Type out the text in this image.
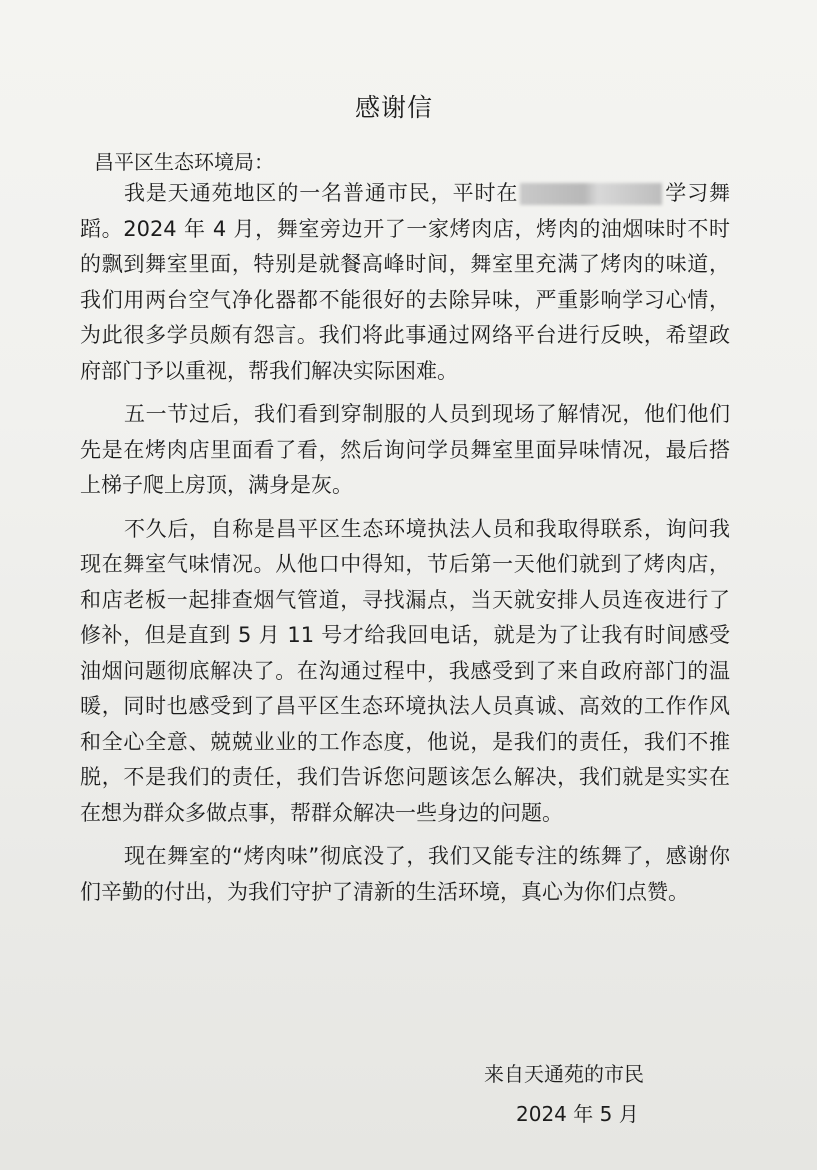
感谢信
昌平区生态环境局：

我是天通苑地区的一名普通市民，平时在	学习舞蹈。2024 年 4 月，舞室旁边开了一家烤肉店，烤肉的油烟味时不时的飘到舞室里面，特别是就餐高峰时间，舞室里充满了烤肉的味道，我们用两台空气净化器都不能很好的去除异味，严重影响学习心情，为此很多学员颇有怨言。我们将此事通过网络平台进行反映，希望政府部门予以重视，帮我们解决实际困难。

五一节过后，我们看到穿制服的人员到现场了解情况，他们他们先是在烤肉店里面看了看，然后询问学员舞室里面异味情况，最后搭上梯子爬上房顶，满身是灰。

不久后，自称是昌平区生态环境执法人员和我取得联系，询问我现在舞室气味情况。从他口中得知，节后第一天他们就到了烤肉店，和店老板一起排查烟气管道，寻找漏点，当天就安排人员连夜进行了修补，但是直到 5 月 11 号才给我回电话，就是为了让我有时间感受油烟问题彻底解决了。在沟通过程中，我感受到了来自政府部门的温暖，同时也感受到了昌平区生态环境执法人员真诚、高效的工作作风和全心全意、兢兢业业的工作态度，他说，是我们的责任，我们不推脱，不是我们的责任，我们告诉您问题该怎么解决，我们就是实实在在想为群众多做点事，帮群众解决一些身边的问题。

现在舞室的“烤肉味”彻底没了，我们又能专注的练舞了，感谢你们辛勤的付出，为我们守护了清新的生活环境，真心为你们点赞。

来自天通苑的市民
2024 年 5 月
